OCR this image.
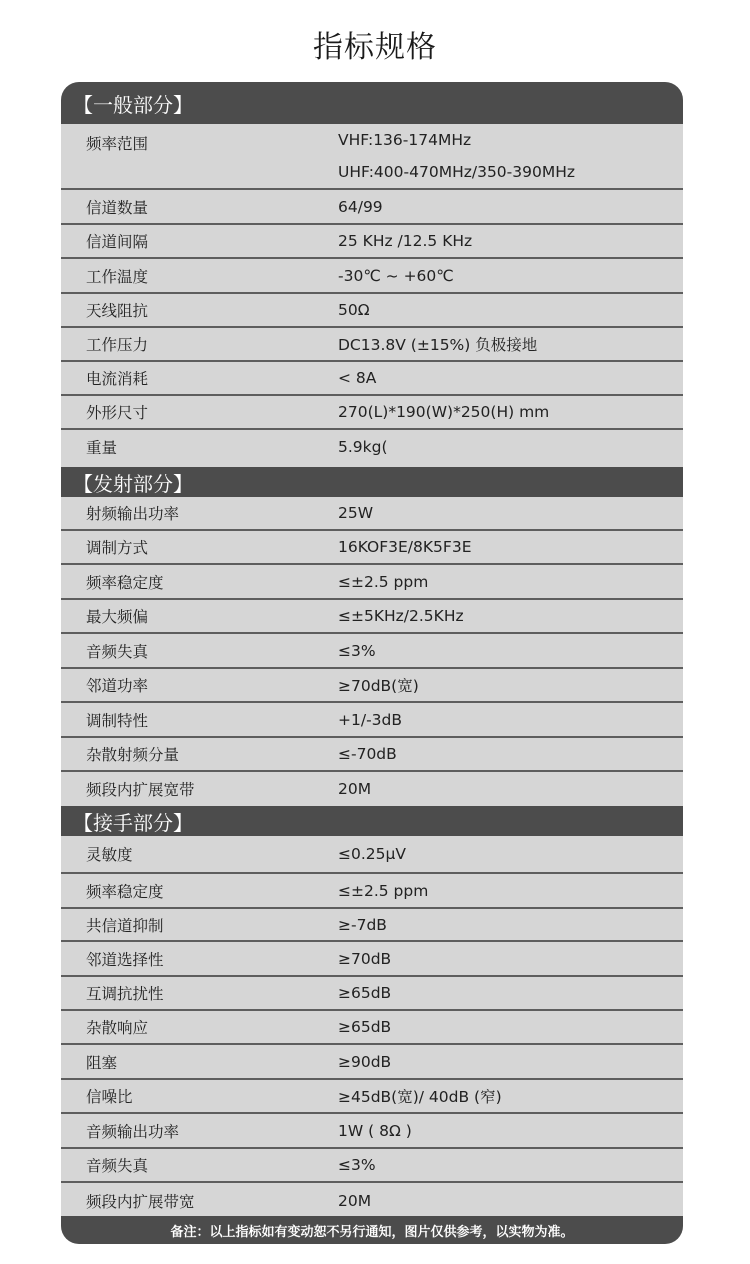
指标规格
【一般部分】
频率范围	VHF:136-174MHz
UHF:400-470MHz/350-390MHz
信道数量	64/99
信道间隔	25 KHz /12.5 KHz
工作温度	-30℃ ~ +60℃
天线阻抗	50Ω
工作压力	DC13.8V (±15%) 负极接地
电流消耗	< 8A
外形尺寸	270(L)*190(W)*250(H) mm
重量	5.9kg(
【发射部分】
射频输出功率	25W
调制方式	16KOF3E/8K5F3E
频率稳定度	≤±2.5 ppm
最大频偏	≤±5KHz/2.5KHz
音频失真	≤3%
邻道功率	≥70dB(宽)
调制特性	+1/-3dB
杂散射频分量	≤-70dB
频段内扩展宽带	20M
【接手部分】
灵敏度	≤0.25μV
频率稳定度	≤±2.5 ppm
共信道抑制	≥-7dB
邻道选择性	≥70dB
互调抗扰性	≥65dB
杂散响应	≥65dB
阻塞	≥90dB
信噪比	≥45dB(宽)/ 40dB (窄)
音频输出功率	1W ( 8Ω )
音频失真	≤3%
频段内扩展带宽	20M
备注：以上指标如有变动恕不另行通知，图片仅供参考，以实物为准。
